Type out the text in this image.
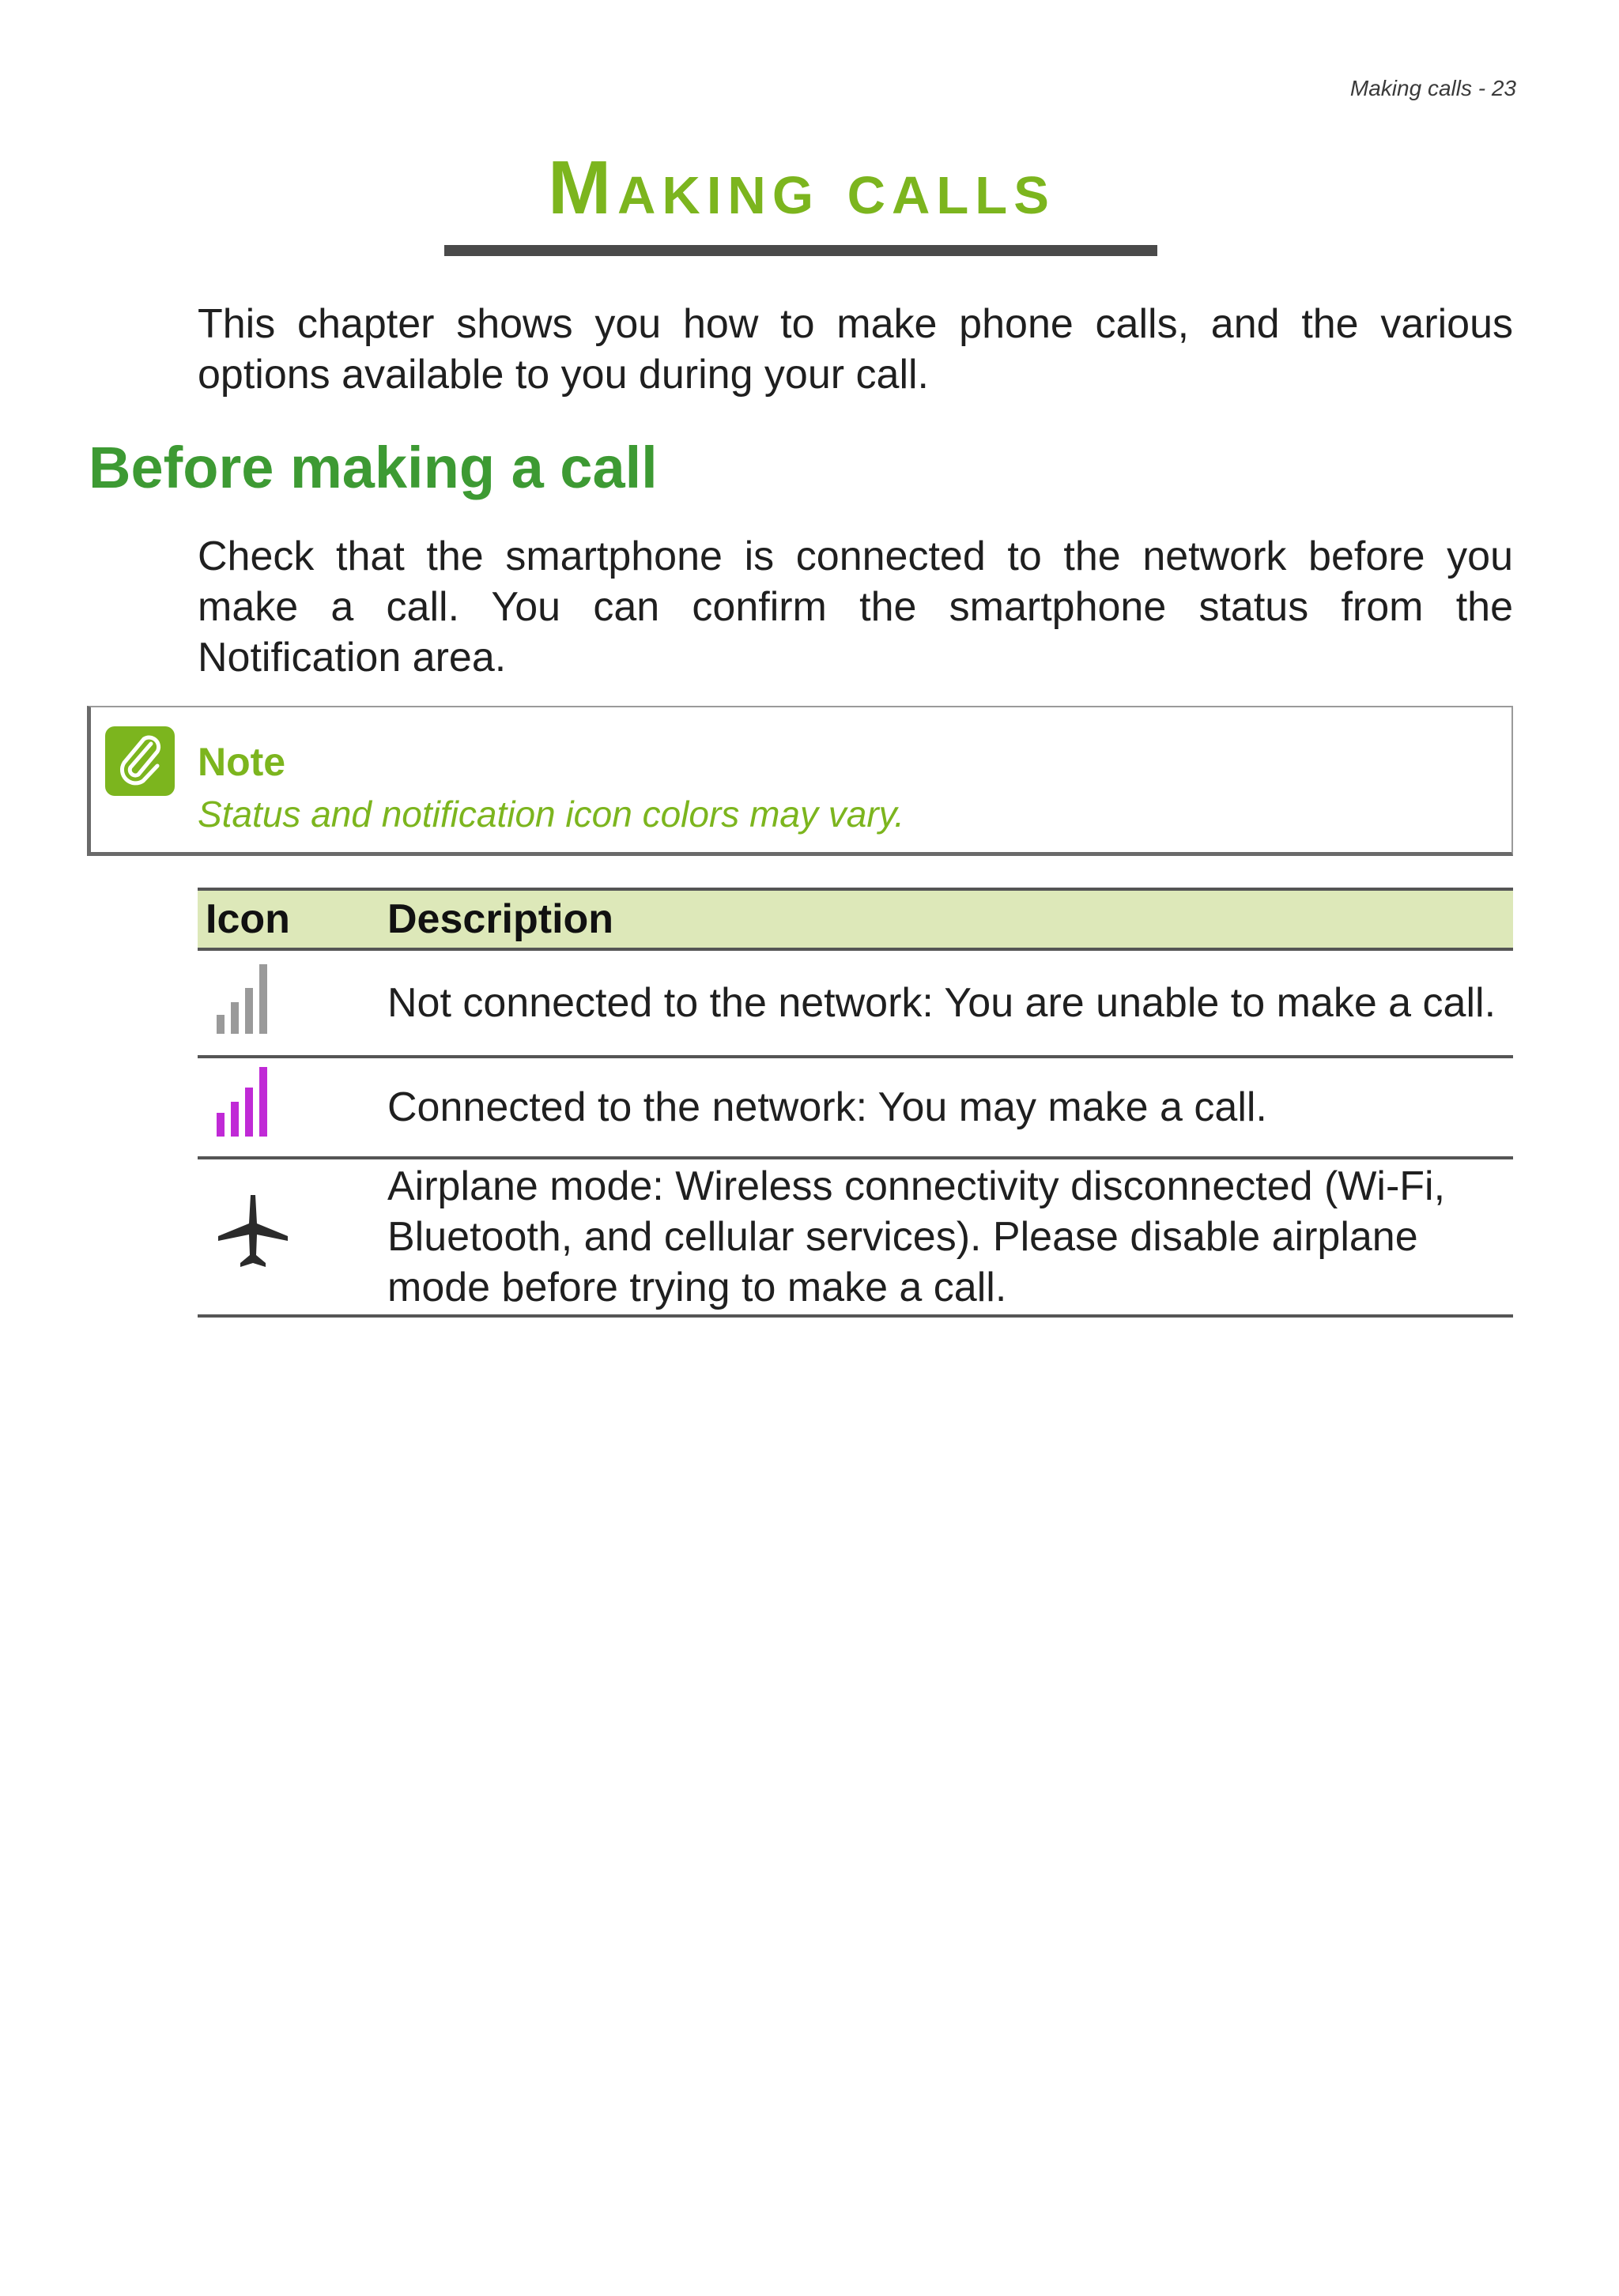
Making calls - 23
Making calls

This chapter shows you how to make phone calls, and the various options available to you during your call.

Before making a call

Check that the smartphone is connected to the network before you make a call. You can confirm the smartphone status from the Notification area.

Note
Status and notification icon colors may vary.
Icon	Description
	Not connected to the network: You are unable to make a call.
	Connected to the network: You may make a call.
	Airplane mode: Wireless connectivity disconnected (Wi-Fi, Bluetooth, and cellular services). Please disable airplane mode before trying to make a call.
